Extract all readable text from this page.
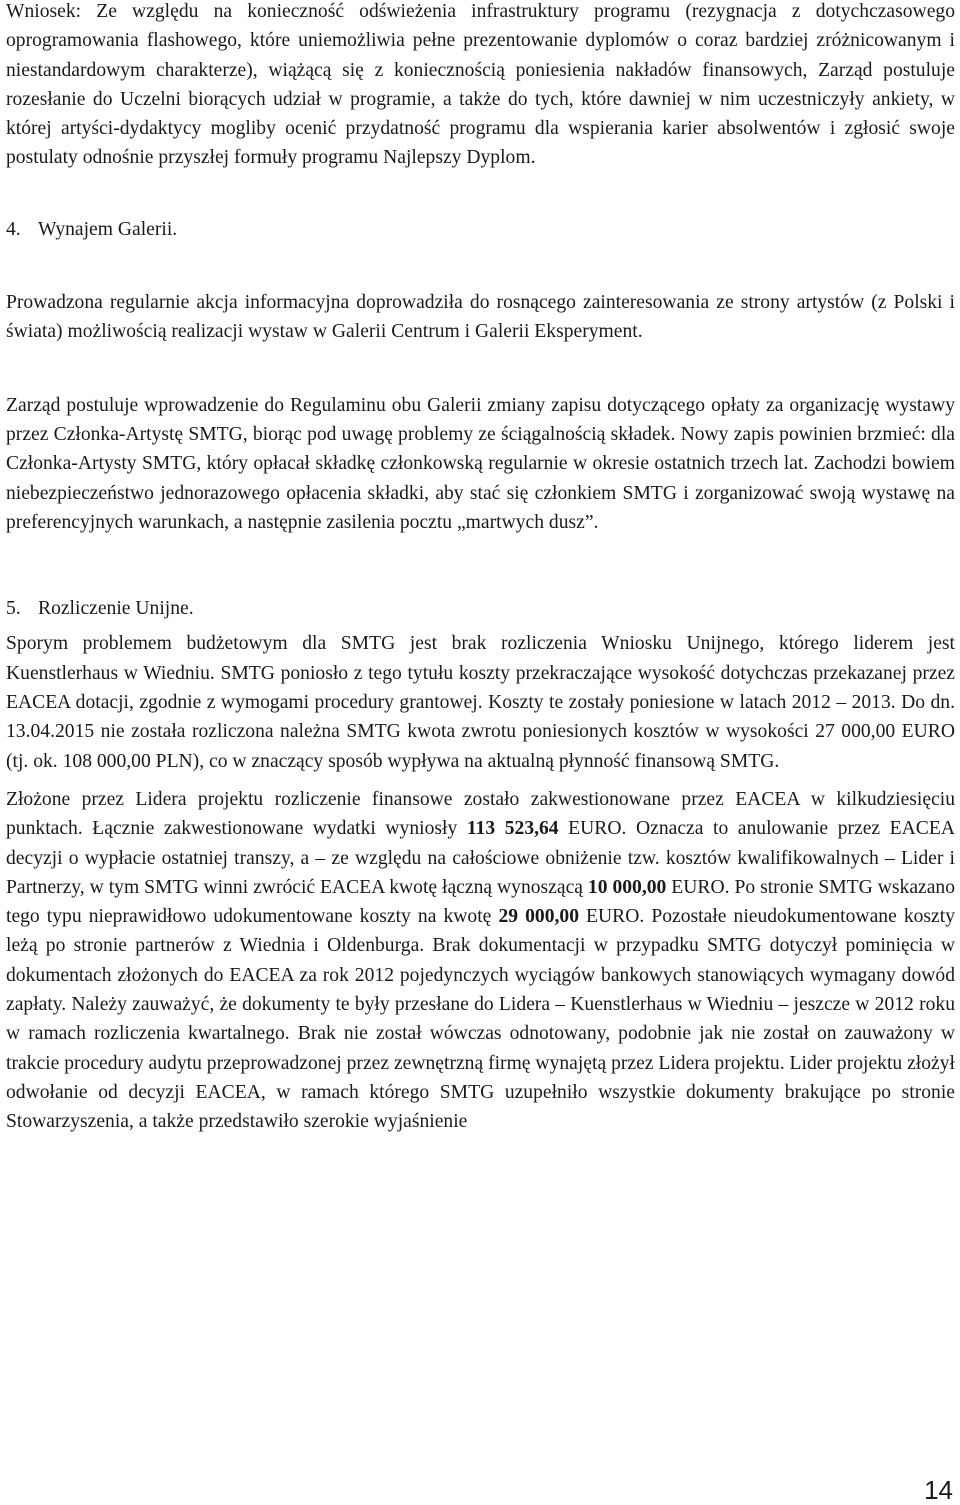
Wniosek: Ze względu na konieczność odświeżenia infrastruktury programu (rezygnacja z dotychczasowego oprogramowania flashowego, które uniemożliwia pełne prezentowanie dyplomów o coraz bardziej zróżnicowanym i niestandardowym charakterze), wiążącą się z koniecznością poniesienia nakładów finansowych, Zarząd postuluje rozesłanie do Uczelni biorących udział w programie, a także do tych, które dawniej w nim uczestniczyły ankiety, w której artyści-dydaktycy mogliby ocenić przydatność programu dla wspierania karier absolwentów i zgłosić swoje postulaty odnośnie przyszłej formuły programu Najlepszy Dyplom.

4. Wynajem Galerii.

Prowadzona regularnie akcja informacyjna doprowadziła do rosnącego zainteresowania ze strony artystów (z Polski i świata) możliwością realizacji wystaw w Galerii Centrum i Galerii Eksperyment.

Zarząd postuluje wprowadzenie do Regulaminu obu Galerii zmiany zapisu dotyczącego opłaty za organizację wystawy przez Członka-Artystę SMTG, biorąc pod uwagę problemy ze ściągalnością składek. Nowy zapis powinien brzmieć: dla Członka-Artysty SMTG, który opłacał składkę członkowską regularnie w okresie ostatnich trzech lat. Zachodzi bowiem niebezpieczeństwo jednorazowego opłacenia składki, aby stać się członkiem SMTG i zorganizować swoją wystawę na preferencyjnych warunkach, a następnie zasilenia pocztu „martwych dusz”.

5. Rozliczenie Unijne.

Sporym problemem budżetowym dla SMTG jest brak rozliczenia Wniosku Unijnego, którego liderem jest Kuenstlerhaus w Wiedniu. SMTG poniosło z tego tytułu koszty przekraczające wysokość dotychczas przekazanej przez EACEA dotacji, zgodnie z wymogami procedury grantowej. Koszty te zostały poniesione w latach 2012 – 2013. Do dn. 13.04.2015 nie została rozliczona należna SMTG kwota zwrotu poniesionych kosztów w wysokości 27 000,00 EURO (tj. ok. 108 000,00 PLN), co w znaczący sposób wypływa na aktualną płynność finansową SMTG.

Złożone przez Lidera projektu rozliczenie finansowe zostało zakwestionowane przez EACEA w kilkudziesięciu punktach. Łącznie zakwestionowane wydatki wyniosły 113 523,64 EURO. Oznacza to anulowanie przez EACEA decyzji o wypłacie ostatniej transzy, a – ze względu na całościowe obniżenie tzw. kosztów kwalifikowalnych – Lider i Partnerzy, w tym SMTG winni zwrócić EACEA kwotę łączną wynoszącą 10 000,00 EURO. Po stronie SMTG wskazano tego typu nieprawidłowo udokumentowane koszty na kwotę 29 000,00 EURO. Pozostałe nieudokumentowane koszty leżą po stronie partnerów z Wiednia i Oldenburga. Brak dokumentacji w przypadku SMTG dotyczył pominięcia w dokumentach złożonych do EACEA za rok 2012 pojedynczych wyciągów bankowych stanowiących wymagany dowód zapłaty. Należy zauważyć, że dokumenty te były przesłane do Lidera – Kuenstlerhaus w Wiedniu – jeszcze w 2012 roku w ramach rozliczenia kwartalnego. Brak nie został wówczas odnotowany, podobnie jak nie został on zauważony w trakcie procedury audytu przeprowadzonej przez zewnętrzną firmę wynajętą przez Lidera projektu. Lider projektu złożył odwołanie od decyzji EACEA, w ramach którego SMTG uzupełniło wszystkie dokumenty brakujące po stronie Stowarzyszenia, a także przedstawiło szerokie wyjaśnienie

14
